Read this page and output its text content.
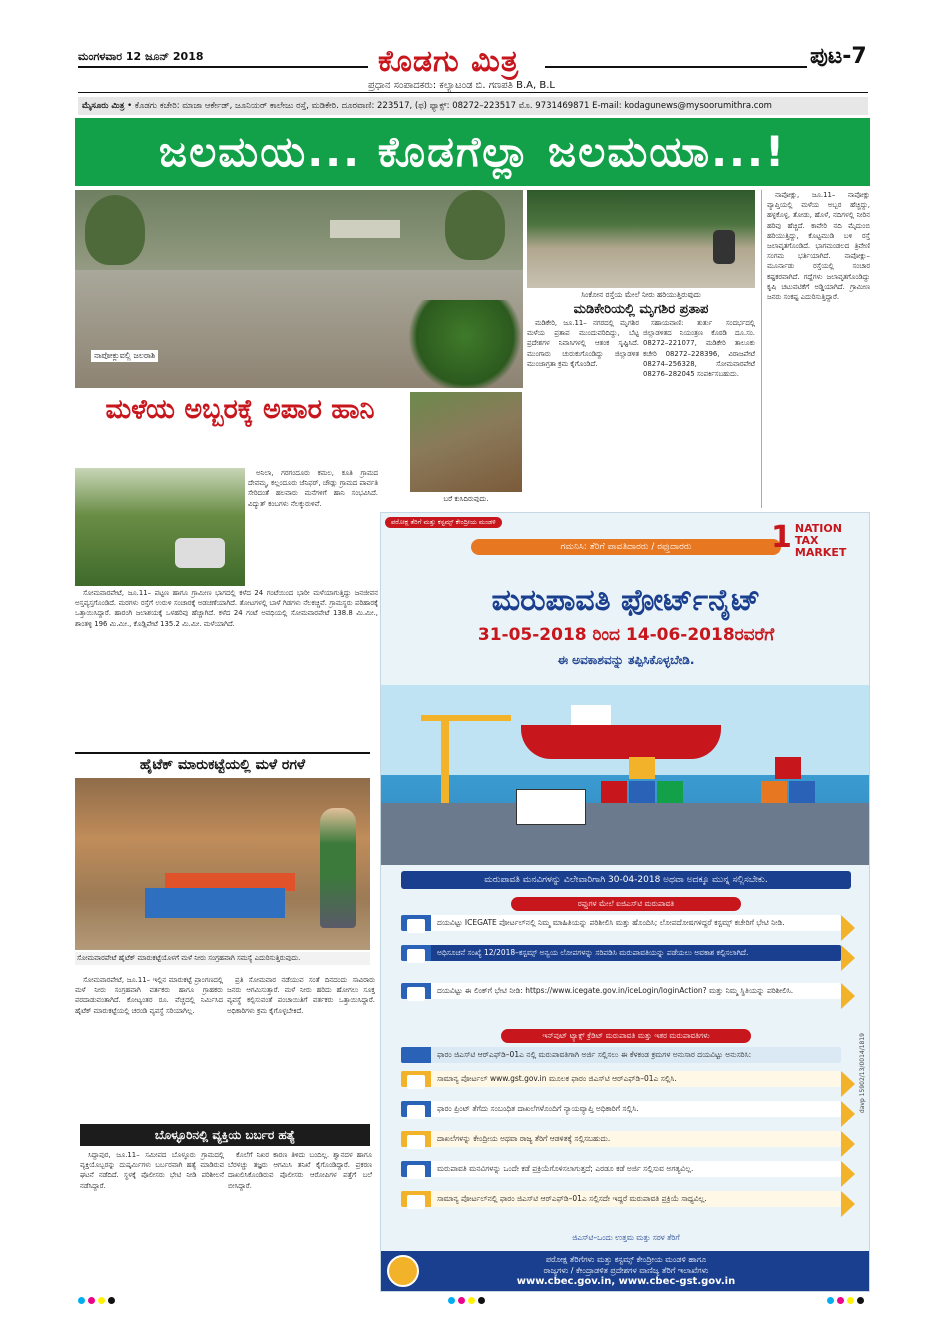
ಮಂಗಳವಾರ 12 ಜೂನ್ 2018	ಕೊಡಗು ಮಿತ್ರ	ಪುಟ-7
ಪ್ರಧಾನ ಸಂಪಾದಕರು: ಕಲ್ಯಾಟಂಡ ಬಿ. ಗಣಪತಿ B.A, B.L
ಮೈಸೂರು ಮಿತ್ರ • ಕೊಡಗು ಕಚೇರಿ: ಮಾಜಾ ಆರ್ಕೇಡ್, ಜೂನಿಯರ್ ಕಾಲೇಜು ರಸ್ತೆ, ಮಡಿಕೇರಿ. ದೂರವಾಣಿ: 223517, (ಫ) ಫ್ಯಾಕ್ಸ್: 08272–223517 ಮೊ. 9731469871 E-mail: kodagunews@mysoorumithra.com
ಜಲಮಯ... ಕೊಡಗೆಲ್ಲಾ ಜಲಮಯಾ...!
ನಾಪೋಕ್ಲುವಲ್ಲಿ ಜಲರಾಶಿ
ಸಿಂಕೋನ ರಸ್ತೆಯ ಮೇಲೆ ನೀರು ಹರಿಯುತ್ತಿರುವುದು
ಮಡಿಕೇರಿಯಲ್ಲಿ ಮೃಗಶಿರ ಪ್ರತಾಪ

ಮಡಿಕೇರಿ, ಜೂ.11– ನಗರದಲ್ಲಿ ಮೃಗಶಿರ ಮಳೆಯ ಪ್ರತಾಪ ಮುಂದುವರಿದಿದ್ದು, ಬೆಟ್ಟ ಪ್ರದೇಶಗಳ ನಿವಾಸಿಗಳಲ್ಲಿ ಆತಂಕ ಸೃಷ್ಟಿಸಿದೆ. ಮುಂಗಾರು ಚುರುಕುಗೊಂಡಿದ್ದು ಜಿಲ್ಲಾಡಳಿತ ಮುಂಜಾಗ್ರತಾ ಕ್ರಮ ಕೈಗೊಂಡಿದೆ.

ಸಹಾಯವಾಣಿ: ತುರ್ತು ಸಂದರ್ಭದಲ್ಲಿ ಜಿಲ್ಲಾಡಳಿತದ ನಿಯಂತ್ರಣ ಕೊಠಡಿ ದೂ.ಸಂ. 08272–221077, ಮಡಿಕೇರಿ ತಾಲೂಕು ಕಚೇರಿ 08272–228396, ವಿರಾಜಪೇಟೆ 08274–256328, ಸೋಮವಾರಪೇಟೆ 08276–282045 ಸಂಪರ್ಕಿಸಬಹುದು.

ನಾಪೋಕ್ಲು, ಜೂ.11– ನಾಪೋಕ್ಲು ವ್ಯಾಪ್ತಿಯಲ್ಲಿ ಮಳೆಯ ಅಬ್ಬರ ಹೆಚ್ಚಿದ್ದು, ಹಳ್ಳಕೊಳ್ಳ, ತೋಡು, ಹೊಳೆ, ನದಿಗಳಲ್ಲಿ ನೀರಿನ ಹರಿವು ಹೆಚ್ಚಿದೆ. ಕಾವೇರಿ ನದಿ ಮೈದುಂಬಿ ಹರಿಯುತ್ತಿದ್ದು, ಕೊಟ್ಟಮುಡಿ ಬಳಿ ರಸ್ತೆ ಜಲಾವೃತಗೊಂಡಿದೆ. ಭಾಗಮಂಡಲದ ತ್ರಿವೇಣಿ ಸಂಗಮ ಭರ್ತಿಯಾಗಿದೆ. ನಾಪೋಕ್ಲು–ಮೂರ್ನಾಡು ರಸ್ತೆಯಲ್ಲಿ ಸಂಚಾರ ಕಷ್ಟಕರವಾಗಿದೆ. ಗದ್ದೆಗಳು ಜಲಾವೃತಗೊಂಡಿದ್ದು ಕೃಷಿ ಚಟುವಟಿಕೆಗೆ ಅಡ್ಡಿಯಾಗಿದೆ. ಗ್ರಾಮೀಣ ಜನರು ಸಂಕಷ್ಟ ಎದುರಿಸುತ್ತಿದ್ದಾರೆ.

ಮಳೆಯ ಅಬ್ಬರಕ್ಕೆ ಅಪಾರ ಹಾನಿ
ಬರೆ ಕುಸಿದಿರುವುದು.

ಅನಿಲಾ, ಗರಗಂದೂರು ಕಮಲ, ಕೂತಿ ಗ್ರಾಮದ ದೇವಮ್ಮ, ಕಲ್ಲಂದೂರು ಜೆನಿಫರ್, ಚೌಡ್ಲು ಗ್ರಾಮದ ಪಾರ್ವತಿ ಸೇರಿದಂತೆ ಹಲವಾರು ಮನೆಗಳಿಗೆ ಹಾನಿ ಸಂಭವಿಸಿದೆ. ವಿದ್ಯುತ್ ಕಂಬಗಳು ನೆಲಕ್ಕುರುಳಿವೆ.

ಸೋಮವಾರಪೇಟೆ, ಜೂ.11– ಪಟ್ಟಣ ಹಾಗೂ ಗ್ರಾಮೀಣ ಭಾಗದಲ್ಲಿ ಕಳೆದ 24 ಗಂಟೆಯಿಂದ ಭಾರೀ ಮಳೆಯಾಗುತ್ತಿದ್ದು ಜನಜೀವನ ಅಸ್ತವ್ಯಸ್ತಗೊಂಡಿದೆ. ಮರಗಳು ರಸ್ತೆಗೆ ಉರುಳಿ ಸಂಚಾರಕ್ಕೆ ಅಡಚಣೆಯಾಗಿದೆ. ತೋಟಗಳಲ್ಲಿ ಬಾಳೆ ಗಿಡಗಳು ನೆಲಕಚ್ಚಿವೆ. ಗ್ರಾಮಸ್ಥರು ಪರಿಹಾರಕ್ಕೆ ಒತ್ತಾಯಿಸಿದ್ದಾರೆ. ಹಾರಂಗಿ ಜಲಾಶಯಕ್ಕೆ ಒಳಹರಿವು ಹೆಚ್ಚಾಗಿದೆ. ಕಳೆದ 24 ಗಂಟೆ ಅವಧಿಯಲ್ಲಿ ಸೋಮವಾರಪೇಟೆ 138.8 ಮಿ.ಮೀ., ಶಾಂತಳ್ಳಿ 196 ಮಿ.ಮೀ., ಕೊಡ್ಲಿಪೇಟೆ 135.2 ಮಿ.ಮೀ. ಮಳೆಯಾಗಿದೆ.

ಹೈಟೆಕ್ ಮಾರುಕಟ್ಟೆಯಲ್ಲಿ ಮಳೆ ರಗಳೆ
ಸೋಮವಾರಪೇಟೆ ಹೈಟೆಕ್ ಮಾರುಕಟ್ಟೆಯೊಳಗೆ ಮಳೆ ನೀರು ಸಂಗ್ರಹವಾಗಿ ಸಮಸ್ಯೆ ಎದುರಿಸುತ್ತಿರುವುದು.

ಸೋಮವಾರಪೇಟೆ, ಜೂ.11– ಇಲ್ಲಿನ ಮಾರುಕಟ್ಟೆ ಪ್ರಾಂಗಣದಲ್ಲಿ ಮಳೆ ನೀರು ಸಂಗ್ರಹವಾಗಿ ವರ್ತಕರು ಹಾಗೂ ಗ್ರಾಹಕರು ಪರದಾಡುವಂತಾಗಿದೆ. ಕೋಟ್ಯಂತರ ರೂ. ವೆಚ್ಚದಲ್ಲಿ ನಿರ್ಮಿಸಿದ ಹೈಟೆಕ್ ಮಾರುಕಟ್ಟೆಯಲ್ಲಿ ಚರಂಡಿ ವ್ಯವಸ್ಥೆ ಸರಿಯಾಗಿಲ್ಲ.

ಪ್ರತಿ ಸೋಮವಾರ ನಡೆಯುವ ಸಂತೆ ದಿನದಂದು ಸಾವಿರಾರು ಜನರು ಆಗಮಿಸುತ್ತಾರೆ. ಮಳೆ ನೀರು ಹರಿದು ಹೋಗಲು ಸೂಕ್ತ ವ್ಯವಸ್ಥೆ ಕಲ್ಪಿಸುವಂತೆ ಪಂಚಾಯಿತಿಗೆ ವರ್ತಕರು ಒತ್ತಾಯಿಸಿದ್ದಾರೆ. ಅಧಿಕಾರಿಗಳು ಕ್ರಮ ಕೈಗೊಳ್ಳಬೇಕಿದೆ.

ಬೊಳ್ಳೂರಿನಲ್ಲಿ ವ್ಯಕ್ತಿಯ ಬರ್ಬರ ಹತ್ಯೆ

ಸಿದ್ದಾಪುರ, ಜೂ.11– ಸಮೀಪದ ಬೊಳ್ಳೂರು ಗ್ರಾಮದಲ್ಲಿ ವ್ಯಕ್ತಿಯೊಬ್ಬರನ್ನು ದುಷ್ಕರ್ಮಿಗಳು ಬರ್ಬರವಾಗಿ ಹತ್ಯೆ ಮಾಡಿರುವ ಘಟನೆ ನಡೆದಿದೆ. ಸ್ಥಳಕ್ಕೆ ಪೊಲೀಸರು ಭೇಟಿ ನೀಡಿ ಪರಿಶೀಲನೆ ನಡೆಸಿದ್ದಾರೆ.

ಕೊಲೆಗೆ ನಿಖರ ಕಾರಣ ತಿಳಿದು ಬಂದಿಲ್ಲ. ಶ್ವಾನದಳ ಹಾಗೂ ಬೆರಳಚ್ಚು ತಜ್ಞರು ಆಗಮಿಸಿ ತನಿಖೆ ಕೈಗೊಂಡಿದ್ದಾರೆ. ಪ್ರಕರಣ ದಾಖಲಿಸಿಕೊಂಡಿರುವ ಪೊಲೀಸರು ಆರೋಪಿಗಳ ಪತ್ತೆಗೆ ಬಲೆ ಬೀಸಿದ್ದಾರೆ.

ಪರೋಕ್ಷ ತೆರಿಗೆ ಮತ್ತು ಕಸ್ಟಮ್ಸ್ ಕೇಂದ್ರೀಯ ಮಂಡಳಿ
ಗಮನಿಸಿ: ತೆರಿಗೆ ಪಾವತಿದಾರರು / ರಫ್ತುದಾರರು	1 NATION
TAX
MARKET
ಮರುಪಾವತಿ ಫೋರ್ಟ್‌ನೈಟ್
31-05-2018 ರಿಂದ 14-06-2018ರವರೆಗೆ
ಈ ಅವಕಾಶವನ್ನು ತಪ್ಪಿಸಿಕೊಳ್ಳಬೇಡಿ.
ಮರುಪಾವತಿ ಮನವಿಗಳನ್ನು ವಿಲೇವಾರಿಗಾಗಿ 30-04-2018 ಅಥವಾ ಅದಕ್ಕೂ ಮುನ್ನ ಸಲ್ಲಿಸಬೇಕು.
ರಫ್ತುಗಳ ಮೇಲೆ ಐಜಿಎಸ್‌ಟಿ ಮರುಪಾವತಿ
ದಯವಿಟ್ಟು ICEGATE ಪೋರ್ಟಲ್‌ನಲ್ಲಿ ನಿಮ್ಮ ಮಾಹಿತಿಯನ್ನು ಪರಿಶೀಲಿಸಿ ಮತ್ತು ಹೊಂದಿಸಿ; ಲೋಪದೋಷಗಳಿದ್ದರೆ ಕಸ್ಟಮ್ಸ್ ಕಚೇರಿಗೆ ಭೇಟಿ ನೀಡಿ.
ಅಧಿಸೂಚನೆ ಸಂಖ್ಯೆ 12/2018–ಕಸ್ಟಮ್ಸ್ ಅನ್ವಯ ಲೋಪಗಳನ್ನು ಸರಿಪಡಿಸಿ ಮರುಪಾವತಿಯನ್ನು ಪಡೆಯಲು ಅವಕಾಶ ಕಲ್ಪಿಸಲಾಗಿದೆ.
ದಯವಿಟ್ಟು ಈ ಲಿಂಕ್‌ಗೆ ಭೇಟಿ ನೀಡಿ: https://www.icegate.gov.in/iceLogin/loginAction? ಮತ್ತು ನಿಮ್ಮ ಸ್ಥಿತಿಯನ್ನು ಪರಿಶೀಲಿಸಿ.
ಇನ್‌ಪುಟ್ ಟ್ಯಾಕ್ಸ್ ಕ್ರೆಡಿಟ್ ಮರುಪಾವತಿ ಮತ್ತು ಇತರ ಮರುಪಾವತಿಗಳು
ಫಾರಂ ಜಿಎಸ್‌ಟಿ ಆರ್‌ಎಫ್‌ಡಿ–01ಎ ನಲ್ಲಿ ಮರುಪಾವತಿಗಾಗಿ ಅರ್ಜಿ ಸಲ್ಲಿಸಲು ಈ ಕೆಳಕಂಡ ಕ್ರಮಗಳ ಅನುಸಾರ ದಯವಿಟ್ಟು ಅನುಸರಿಸಿ:
ಸಾಮಾನ್ಯ ಪೋರ್ಟಲ್ www.gst.gov.in ಮೂಲಕ ಫಾರಂ ಜಿಎಸ್‌ಟಿ ಆರ್‌ಎಫ್‌ಡಿ–01ಎ ಸಲ್ಲಿಸಿ.
ಫಾರಂ ಪ್ರಿಂಟ್ ತೆಗೆದು ಸಂಬಂಧಿತ ದಾಖಲೆಗಳೊಂದಿಗೆ ನ್ಯಾಯವ್ಯಾಪ್ತಿ ಅಧಿಕಾರಿಗೆ ಸಲ್ಲಿಸಿ.
ದಾಖಲೆಗಳನ್ನು ಕೇಂದ್ರೀಯ ಅಥವಾ ರಾಜ್ಯ ತೆರಿಗೆ ಆಡಳಿತಕ್ಕೆ ಸಲ್ಲಿಸಬಹುದು.
ಮರುಪಾವತಿ ಮನವಿಗಳನ್ನು ಒಂದೇ ಕಡೆ ಪ್ರಕ್ರಿಯೆಗೊಳಿಸಲಾಗುತ್ತದೆ; ಎರಡೂ ಕಡೆ ಅರ್ಜಿ ಸಲ್ಲಿಸುವ ಅಗತ್ಯವಿಲ್ಲ.
ಸಾಮಾನ್ಯ ಪೋರ್ಟಲ್‌ನಲ್ಲಿ ಫಾರಂ ಜಿಎಸ್‌ಟಿ ಆರ್‌ಎಫ್‌ಡಿ–01ಎ ಸಲ್ಲಿಸದೇ ಇದ್ದರೆ ಮರುಪಾವತಿ ಪ್ರಕ್ರಿಯೆ ಸಾಧ್ಯವಿಲ್ಲ.
ಜಿಎಸ್‌ಟಿ–ಒಂದು ಉತ್ತಮ ಮತ್ತು ಸರಳ ತೆರಿಗೆ
ಪರೋಕ್ಷ ತೆರಿಗೆಗಳು ಮತ್ತು ಕಸ್ಟಮ್ಸ್ ಕೇಂದ್ರೀಯ ಮಂಡಳಿ ಹಾಗೂ
ರಾಜ್ಯಗಳು / ಕೇಂದ್ರಾಡಳಿತ ಪ್ರದೇಶಗಳ ವಾಣಿಜ್ಯ ತೆರಿಗೆ ಇಲಾಖೆಗಳು
www.cbec.gov.in, www.cbec-gst.gov.in
davp 15902/13/0014/1819
